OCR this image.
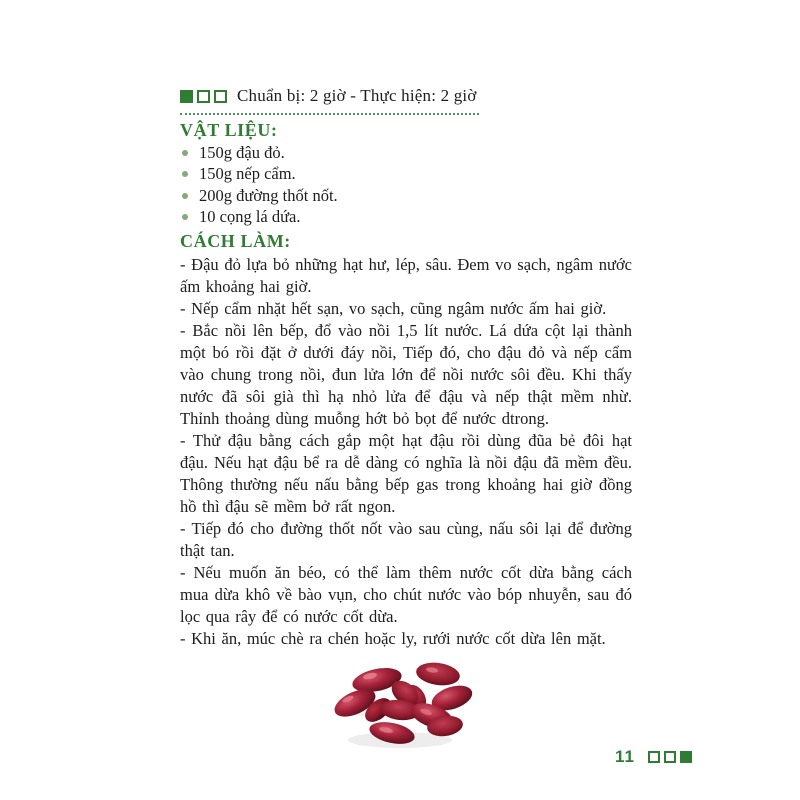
Chuẩn bị: 2 giờ - Thực hiện: 2 giờ
VẬT LIỆU:
150g đậu đỏ.
150g nếp cẩm.
200g đường thốt nốt.
10 cọng lá dứa.
CÁCH LÀM:

- Đậu đỏ lựa bỏ những hạt hư, lép, sâu. Đem vo sạch, ngâm nước ấm khoảng hai giờ.

- Nếp cẩm nhặt hết sạn, vo sạch, cũng ngâm nước ấm hai giờ.

- Bắc nồi lên bếp, đổ vào nồi 1,5 lít nước. Lá dứa cột lại thành một bó rồi đặt ở dưới đáy nồi, Tiếp đó, cho đậu đỏ và nếp cẩm vào chung trong nồi, đun lửa lớn để nồi nước sôi đều. Khi thấy nước đã sôi già thì hạ nhỏ lửa để đậu và nếp thật mềm nhừ. Thỉnh thoảng dùng muỗng hớt bỏ bọt để nước dtrong.

- Thử đậu bằng cách gắp một hạt đậu rồi dùng đũa bẻ đôi hạt đậu. Nếu hạt đậu bể ra dễ dàng có nghĩa là nồi đậu đã mềm đều. Thông thường nếu nấu bằng bếp gas trong khoảng hai giờ đồng hồ thì đậu sẽ mềm bở rất ngon.

- Tiếp đó cho đường thốt nốt vào sau cùng, nấu sôi lại để đường thật tan.

- Nếu muốn ăn béo, có thể làm thêm nước cốt dừa bằng cách mua dừa khô về bào vụn, cho chút nước vào bóp nhuyễn, sau đó lọc qua rây để có nước cốt dừa.

- Khi ăn, múc chè ra chén hoặc ly, rưới nước cốt dừa lên mặt.

11
